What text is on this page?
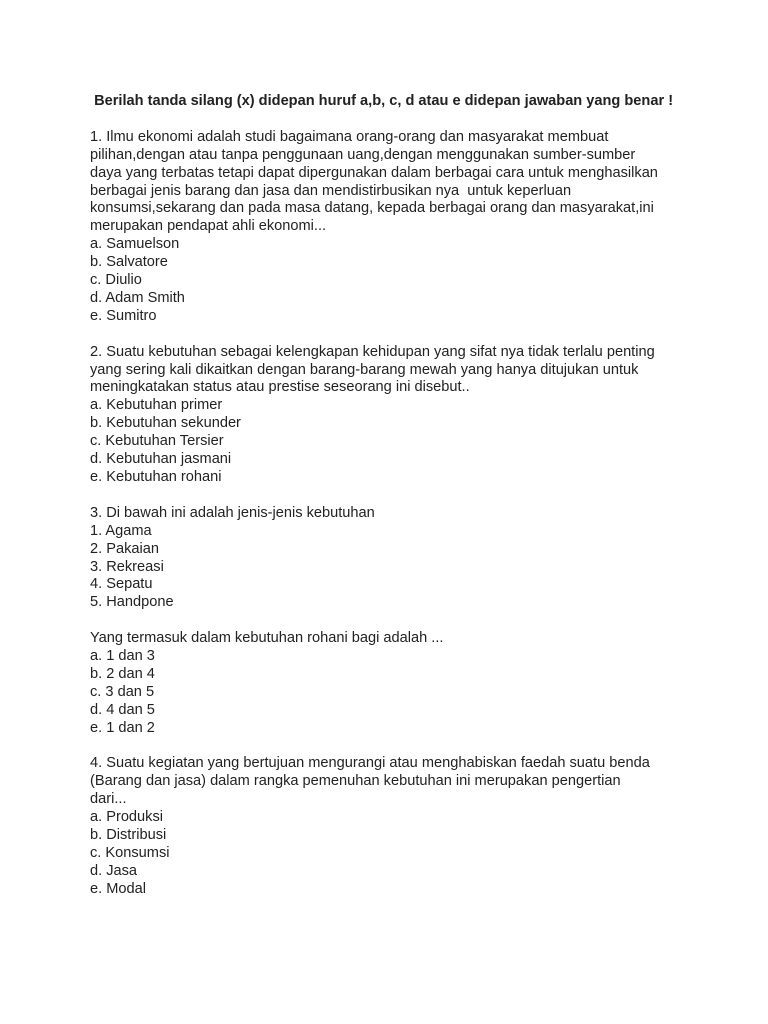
Berilah tanda silang (x) didepan huruf a,b, c, d atau e didepan jawaban yang benar !

1. Ilmu ekonomi adalah studi bagaimana orang-orang dan masyarakat membuat

pilihan,dengan atau tanpa penggunaan uang,dengan menggunakan sumber-sumber

daya yang terbatas tetapi dapat dipergunakan dalam berbagai cara untuk menghasilkan

berbagai jenis barang dan jasa dan mendistirbusikan nya  untuk keperluan

konsumsi,sekarang dan pada masa datang, kepada berbagai orang dan masyarakat,ini

merupakan pendapat ahli ekonomi...

a. Samuelson

b. Salvatore

c. Diulio

d. Adam Smith

e. Sumitro

2. Suatu kebutuhan sebagai kelengkapan kehidupan yang sifat nya tidak terlalu penting

yang sering kali dikaitkan dengan barang-barang mewah yang hanya ditujukan untuk

meningkatakan status atau prestise seseorang ini disebut..

a. Kebutuhan primer

b. Kebutuhan sekunder

c. Kebutuhan Tersier

d. Kebutuhan jasmani

e. Kebutuhan rohani

3. Di bawah ini adalah jenis-jenis kebutuhan

1. Agama

2. Pakaian

3. Rekreasi

4. Sepatu

5. Handpone

Yang termasuk dalam kebutuhan rohani bagi adalah ...

a. 1 dan 3

b. 2 dan 4

c. 3 dan 5

d. 4 dan 5

e. 1 dan 2

4. Suatu kegiatan yang bertujuan mengurangi atau menghabiskan faedah suatu benda

(Barang dan jasa) dalam rangka pemenuhan kebutuhan ini merupakan pengertian

dari...

a. Produksi

b. Distribusi

c. Konsumsi

d. Jasa

e. Modal
